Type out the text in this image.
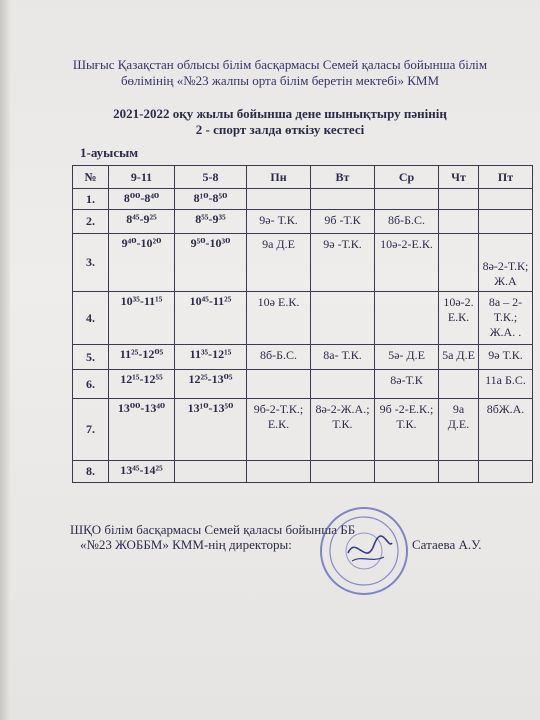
Шығыс Қазақстан облысы білім басқармасы Семей қаласы бойынша білім
бөлімінің «№23 жалпы орта білім беретін мектебі» КММ
2021-2022 оқу жылы бойынша дене шынықтыру пәнінің
2 - спорт залда өткізу кестесі
1-ауысым
№	9-11	5-8	Пн	Вт	Ср	Чт	Пт
1.	8⁰⁰-8⁴⁰	8¹⁰-8⁵⁰					
2.	8⁴⁵-9²⁵	8⁵⁵-9³⁵	9ә- Т.К.	9б -Т.К	8б-Б.С.		
3.	9⁴⁰-10²⁰	9⁵⁰-10³⁰	9а Д.Е	9ә -Т.К.	10ә-2-Е.К.		8ә-2-Т.К; Ж.А
4.	10³⁵-11¹⁵	10⁴⁵-11²⁵	10ә Е.К.			10ә-2. Е.К.	8а – 2-Т.К.; Ж.А. .
5.	11²⁵-12⁰⁵	11³⁵-12¹⁵	8б-Б.С.	8а- Т.К.	5ә- Д.Е	5а Д.Е	9ә Т.К.
6.	12¹⁵-12⁵⁵	12²⁵-13⁰⁵			8ә-Т.К		11а Б.С.
7.	13⁰⁰-13⁴⁰	13¹⁰-13⁵⁰	9б-2-Т.К.; Е.К.	8ә-2-Ж.А.; Т.К.	9б -2-Е.К.; Т.К.	9а Д.Е.	8бЖ.А.
8.	13⁴⁵-14²⁵						
ШҚО білім басқармасы Семей қаласы бойынша ББ
«№23 ЖОББМ» КММ-нің директоры:	Сатаева А.У.
